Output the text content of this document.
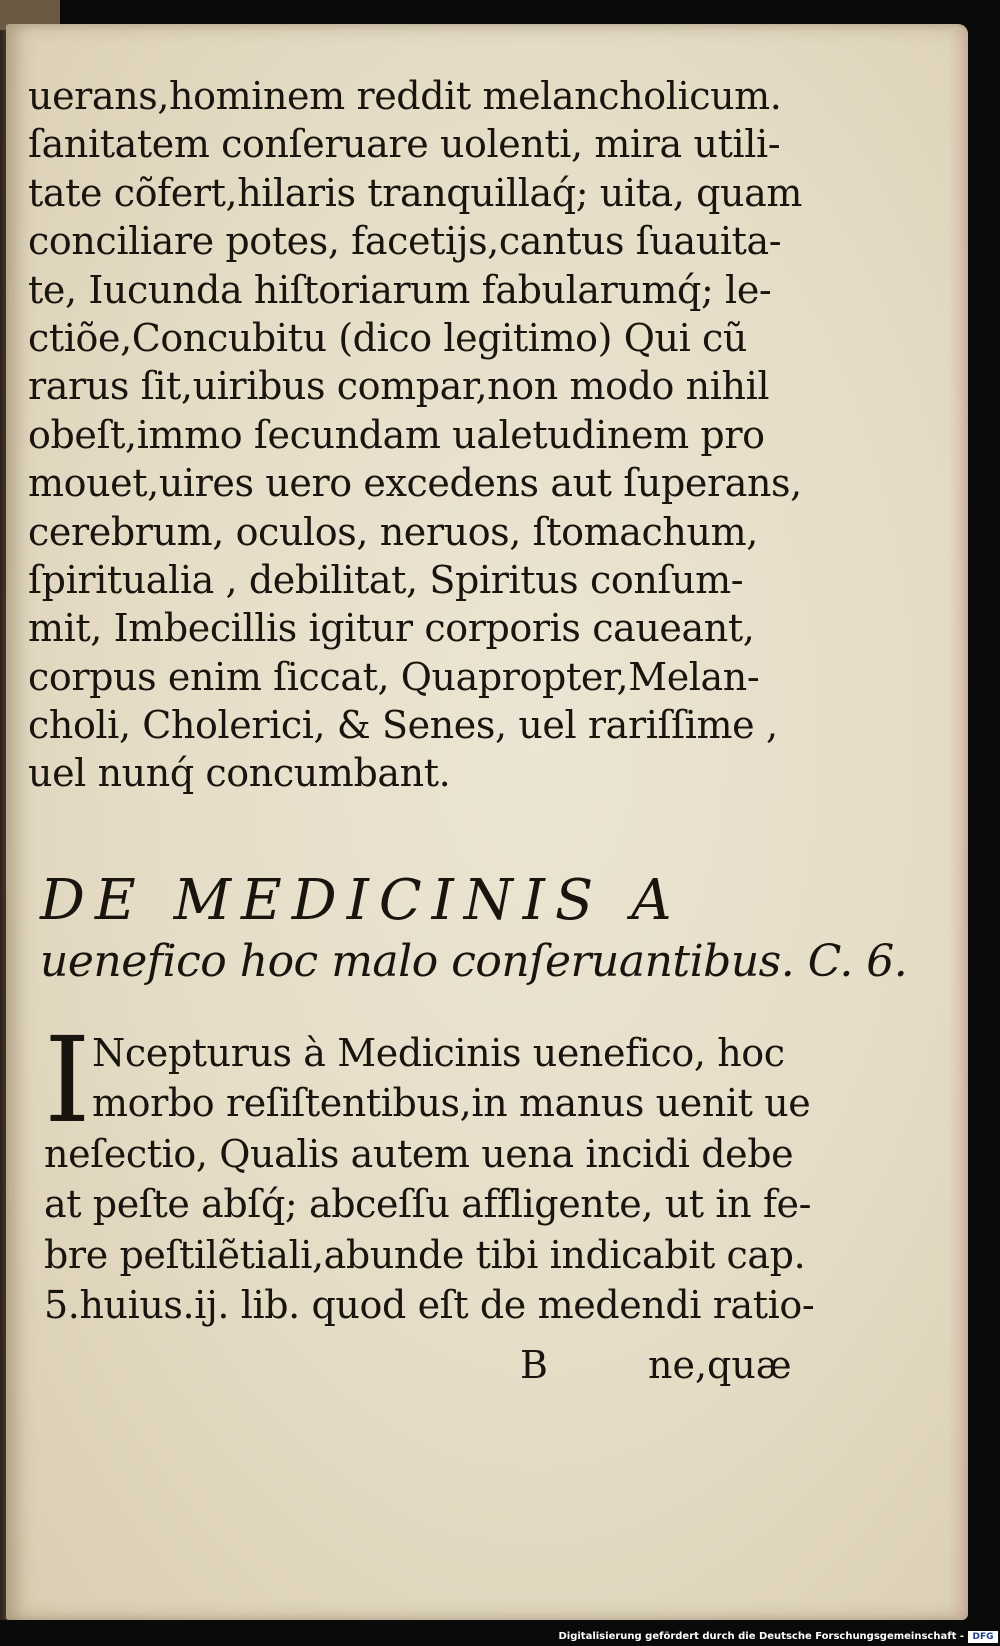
uerans,hominem reddit melancholicum.
ſanitatem conſeruare uolenti, mira utili-
tate cõfert,hilaris tranquillaq́; uita, quam
conciliare potes, facetijs,cantus ſuauita-
te, Iucunda hiſtoriarum fabularumq́; le-
ctiõe,Concubitu (dico legitimo) Qui cũ
rarus ſit,uiribus compar,non modo nihil
obeſt,immo ſecundam ualetudinem pro
mouet,uires uero excedens aut ſuperans,
cerebrum, oculos, neruos, ſtomachum,
ſpiritualia , debilitat, Spiritus conſum-
mit, Imbecillis igitur corporis caueant,
corpus enim ſiccat, Quapropter,Melan-
choli, Cholerici, & Senes, uel rariſſime ,
uel nunq́ concumbant.
DE MEDICINIS A
uenefico hoc malo conſeruantibus. C. 6.
I Ncepturus à Medicinis uenefico, hoc
morbo reſiſtentibus,in manus uenit ue
neſectio, Qualis autem uena incidi debe
at peſte abſq́; abceſſu affligente, ut in fe-
bre peſtilẽtiali,abunde tibi indicabit cap.
5.huius.ij. lib. quod eſt de medendi ratio-
B	ne,quæ
Digitalisierung gefördert durch die Deutsche Forschungsgemeinschaft - DFG
